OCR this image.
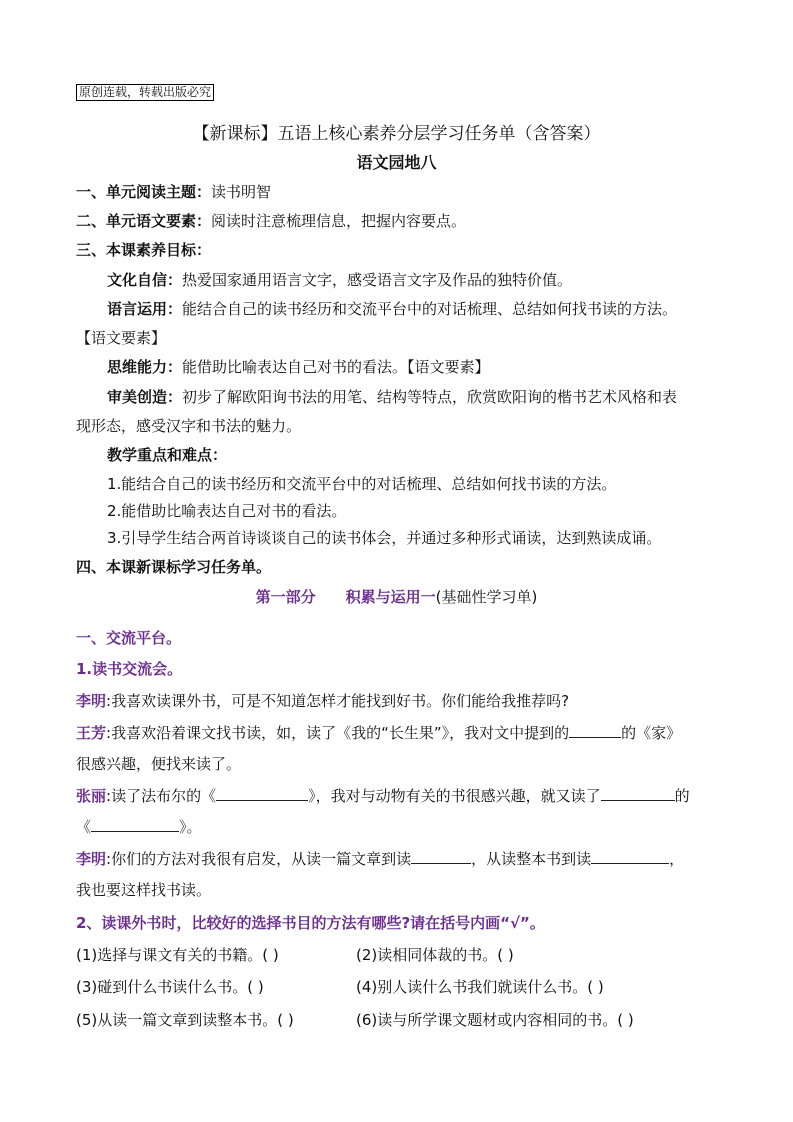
原创连载，转载出版必究
【新课标】五语上核心素养分层学习任务单（含答案）
语文园地八
一、单元阅读主题：读书明智
二、单元语文要素：阅读时注意梳理信息，把握内容要点。
三、本课素养目标：
文化自信：热爱国家通用语言文字，感受语言文字及作品的独特价值。
语言运用：能结合自己的读书经历和交流平台中的对话梳理、总结如何找书读的方法。
【语文要素】
思维能力：能借助比喻表达自己对书的看法。【语文要素】
审美创造：初步了解欧阳询书法的用笔、结构等特点，欣赏欧阳询的楷书艺术风格和表
现形态，感受汉字和书法的魅力。
教学重点和难点：
1.能结合自己的读书经历和交流平台中的对话梳理、总结如何找书读的方法。
2.能借助比喻表达自己对书的看法。
3.引导学生结合两首诗谈谈自己的读书体会，并通过多种形式诵读，达到熟读成诵。
四、本课新课标学习任务单。
第一部分 积累与运用一(基础性学习单)
一、交流平台。
1.读书交流会。
李明:我喜欢读课外书，可是不知道怎样才能找到好书。你们能给我推荐吗?
王芳:我喜欢沿着课文找书读，如，读了《我的“长生果”》，我对文中提到的	的《家》
很感兴趣，便找来读了。
张丽:读了法布尔的《	》，我对与动物有关的书很感兴趣，就又读了	的
《	》。
李明:你们的方法对我很有启发，从读一篇文章到读	，从读整本书到读	，
我也要这样找书读。
2、读课外书时，比较好的选择书目的方法有哪些?请在括号内画“√”。
(1)选择与课文有关的书籍。( )	(2)读相同体裁的书。( )
(3)碰到什么书读什么书。( )	(4)别人读什么书我们就读什么书。( )
(5)从读一篇文章到读整本书。( )	(6)读与所学课文题材或内容相同的书。( )
